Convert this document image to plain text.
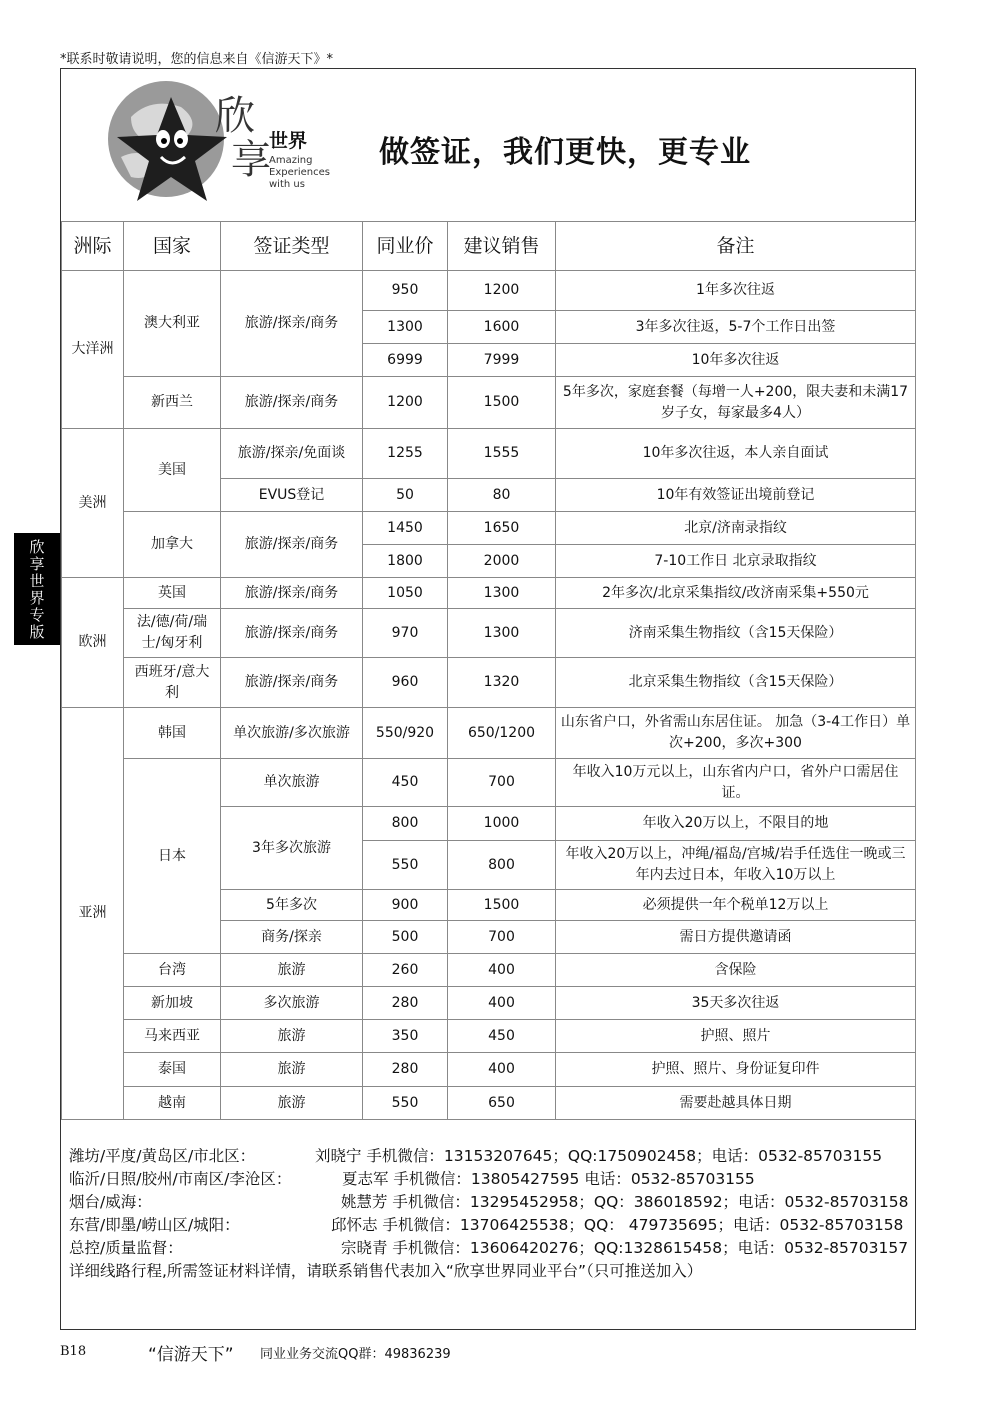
*联系时敬请说明，您的信息来自《信游天下》*
欣
享
世界
Amazing
Experiences
with us
做签证，我们更快，更专业
洲际	国家	签证类型	同业价	建议销售	备注
大洋洲	澳大利亚	旅游/探亲/商务	950	1200	1年多次往返
			1300	1600	3年多次往返，5-7个工作日出签
			6999	7999	10年多次往返
	新西兰	旅游/探亲/商务	1200	1500	5年多次，家庭套餐（每增一人+200，限夫妻和未满17岁子女，每家最多4人）
美洲	美国	旅游/探亲/免面谈	1255	1555	10年多次往返，本人亲自面试
		EVUS登记	50	80	10年有效签证出境前登记
	加拿大	旅游/探亲/商务	1450	1650	北京/济南录指纹
			1800	2000	7-10工作日 北京录取指纹
欧洲	英国	旅游/探亲/商务	1050	1300	2年多次/北京采集指纹/改济南采集+550元
	法/德/荷/瑞士/匈牙利	旅游/探亲/商务	970	1300	济南采集生物指纹（含15天保险）
	西班牙/意大利	旅游/探亲/商务	960	1320	北京采集生物指纹（含15天保险）
亚洲	韩国	单次旅游/多次旅游	550/920	650/1200	山东省户口，外省需山东居住证。 加急（3-4工作日）单次+200，多次+300
	日本	单次旅游	450	700	年收入10万元以上，山东省内户口，省外户口需居住证。
		3年多次旅游	800	1000	年收入20万以上，不限目的地
			550	800	年收入20万以上，冲绳/福岛/宫城/岩手任选住一晚或三年内去过日本，年收入10万以上
		5年多次	900	1500	必须提供一年个税单12万以上
		商务/探亲	500	700	需日方提供邀请函
	台湾	旅游	260	400	含保险
	新加坡	多次旅游	280	400	35天多次往返
	马来西亚	旅游	350	450	护照、照片
	泰国	旅游	280	400	护照、照片、身份证复印件
	越南	旅游	550	650	需要赴越具体日期
潍坊/平度/黄岛区/市北区：	刘晓宁 手机微信：13153207645；QQ:1750902458；电话：0532-85703155
临沂/日照/胶州/市南区/李沧区：	夏志军 手机微信：13805427595 电话：0532-85703155
烟台/威海：	姚慧芳 手机微信：13295452958；QQ：386018592；电话：0532-85703158
东营/即墨/崂山区/城阳：	邱怀志 手机微信：13706425538；QQ： 479735695；电话：0532-85703158
总控/质量监督：	宗晓青 手机微信：13606420276；QQ:1328615458；电话：0532-85703157
详细线路行程,所需签证材料详情，请联系销售代表加入“欣享世界同业平台”（只可推送加入）
欣
享
世
界
专
版
B18	“信游天下” 同业业务交流QQ群：49836239
